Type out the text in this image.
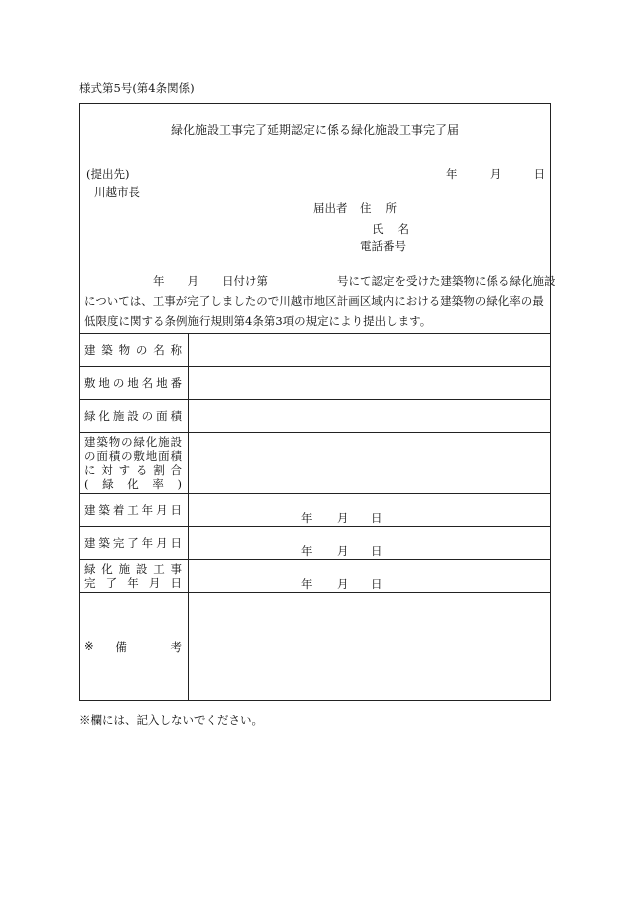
様式第5号(第4条関係)
緑化施設工事完了延期認定に係る緑化施設工事完了届
(提出先)
川越市長
年	月	日
届出者 住所
氏名
電話番号
　　　　　　年　　月　　日付け第　　　　　　号にて認定を受けた建築物に係る緑化施設
については、工事が完了しましたので川越市地区計画区域内における建築物の緑化率の最
低限度に関する条例施行規則第4条第3項の規定により提出します。
建築物の名称	

敷地の地名地番	

緑化施設の面積	

建築物の緑化施設
の面積の敷地面積
に対する割合
(緑化率)	

建築着工年月日	年 月 日

建築完了年月日	年 月 日

緑化施設工事
完了年月日	年 月 日

※ 備 考	

※欄には、記入しないでください。
